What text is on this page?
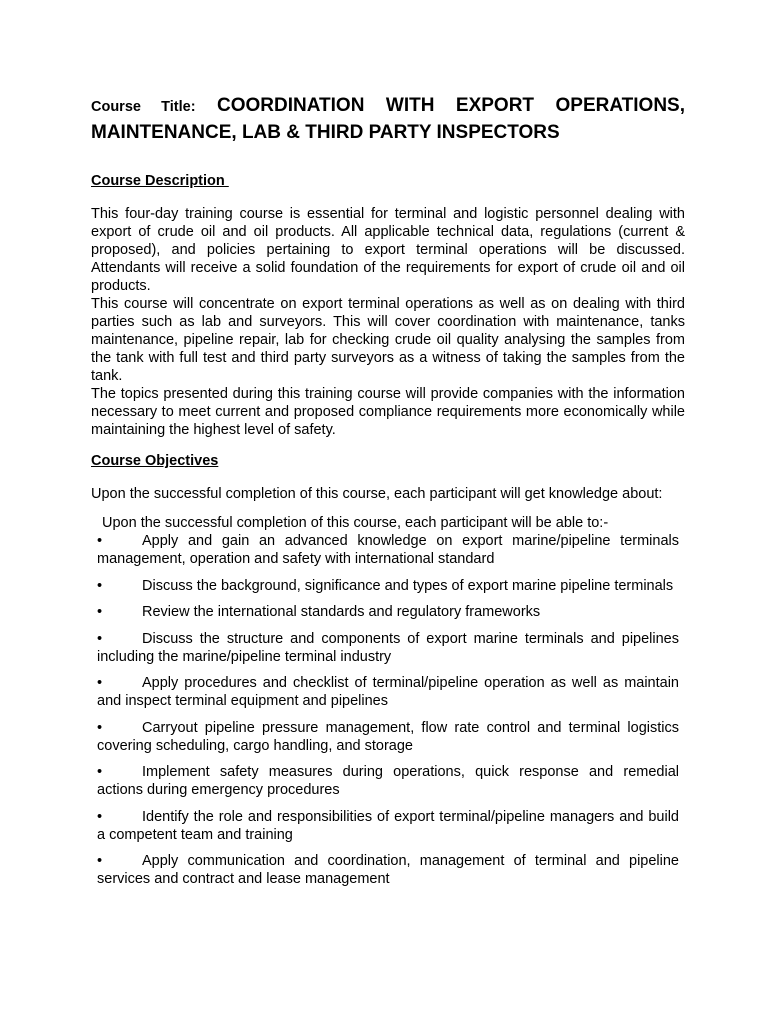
Course Title: COORDINATION WITH EXPORT OPERATIONS, MAINTENANCE, LAB & THIRD PARTY INSPECTORS
Course Description

This four-day training course is essential for terminal and logistic personnel dealing with export of crude oil and oil products. All applicable technical data, regulations (current & proposed), and policies pertaining to export terminal operations will be discussed. Attendants will receive a solid foundation of the requirements for export of crude oil and oil products.

This course will concentrate on export terminal operations as well as on dealing with third parties such as lab and surveyors. This will cover coordination with maintenance, tanks maintenance, pipeline repair, lab for checking crude oil quality analysing the samples from the tank with full test and third party surveyors as a witness of taking the samples from the tank.

The topics presented during this training course will provide companies with the information necessary to meet current and proposed compliance requirements more economically while maintaining the highest level of safety.

Course Objectives
Upon the successful completion of this course, each participant will get knowledge about:
Upon the successful completion of this course, each participant will be able to:-
•	Apply and gain an advanced knowledge on export marine/pipeline terminals management, operation and safety with international standard
•	Discuss the background, significance and types of export marine pipeline terminals
•	Review the international standards and regulatory frameworks
•	Discuss the structure and components of export marine terminals and pipelines including the marine/pipeline terminal industry
•	Apply procedures and checklist of terminal/pipeline operation as well as maintain and inspect terminal equipment and pipelines
•	Carryout pipeline pressure management, flow rate control and terminal logistics covering scheduling, cargo handling, and storage
•	Implement safety measures during operations, quick response and remedial actions during emergency procedures
•	Identify the role and responsibilities of export terminal/pipeline managers and build a competent team and training
•	Apply communication and coordination, management of terminal and pipeline services and contract and lease management
